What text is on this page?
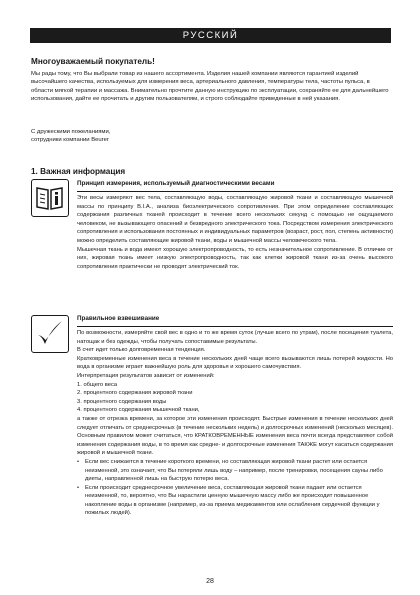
РУССКИЙ

Многоуважаемый покупатель!

Мы рады тому, что Вы выбрали товар из нашего ассортимента. Изделия нашей компании являются гарантией изделий высочайшего качества, используемых для измерения веса, артериального давления, температуры тела, частоты пульса, в области мягкой терапии и массажа. Внимательно прочтите данную инструкцию по эксплуатации, сохраняйте ее для дальнейшего использования, дайте ее прочитать и другим пользователям, и строго соблюдайте приведенные в ней указания.

С дружескими пожеланиями,
сотрудники компании Beurer

1. Важная информация

Принцип измерения, используемый диагностическими весами

Эти весы измеряют вес тела, составляющую воды, составляющую жировой ткани и составляющую мышечной массы по принципу B.I.A., анализа биоэлектрического сопротивления. При этом определение составляющих содержания различных тканей происходит в течение всего нескольких секунд с помощью не ощущаемого человеком, не вызывающего опасений и безвредного электрического тока. Посредством измерения электрического сопротивления и использования постоянных и индивидуальных параметров (возраст, рост, пол, степень активности) можно определить составляющие жировой ткани, воды и мышечной массы человеческого тела.

Мышечная ткань и вода имеют хорошую электропроводность, то есть незначительное сопротивление. В отличие от них, жировая ткань имеет низкую электропроводность, так как клетки жировой ткани из-за очень высокого сопротивления практически не проводят электрический ток.

Правильное взвешивание

По возможности, измеряйте свой вес в одно и то же время суток (лучше всего по утрам), после посещения туалета, натощак и без одежды, чтобы получать сопоставимые результаты.

В счет идет только долговременная тенденция.

Кратковременные изменения веса в течение нескольких дней чаще всего вызываются лишь потерей жидкости. Но вода в организме играет важнейшую роль для здоровья и хорошего самочувствия.

Интерпретация результатов зависит от изменений:
1. общего веса
2. процентного содержания жировой ткани
3. процентного содержания воды
4. процентного содержания мышечной ткани,

а также от отрезка времени, за которое эти изменения происходят. Быстрые изменения в течение нескольких дней следует отличать от среднесрочных (в течение нескольких недель) и долгосрочных изменений (несколько месяцев). Основным правилом может считаться, что КРАТКОВРЕМЕННЫЕ изменения веса почти всегда представляют собой изменения содержания воды, в то время как средне- и долгосрочные изменения ТАКЖЕ могут касаться содержания жировой и мышечной ткани.

•	Если вес снижается в течение короткого времени, но составляющая жировой ткани растет или остается неизменной, это означает, что Вы потеряли лишь воду – например, после тренировки, посещения сауны либо диеты, направленной лишь на быструю потерю веса.
•	Если происходит среднесрочное увеличение веса, составляющая жировой ткани падает или остается неизменной, то, вероятно, что Вы нарастили ценную мышечную массу либо же происходит повышенное накопление воды в организме (например, из-за приема медикаментов или ослабления сердечной функции у пожилых людей).
28
